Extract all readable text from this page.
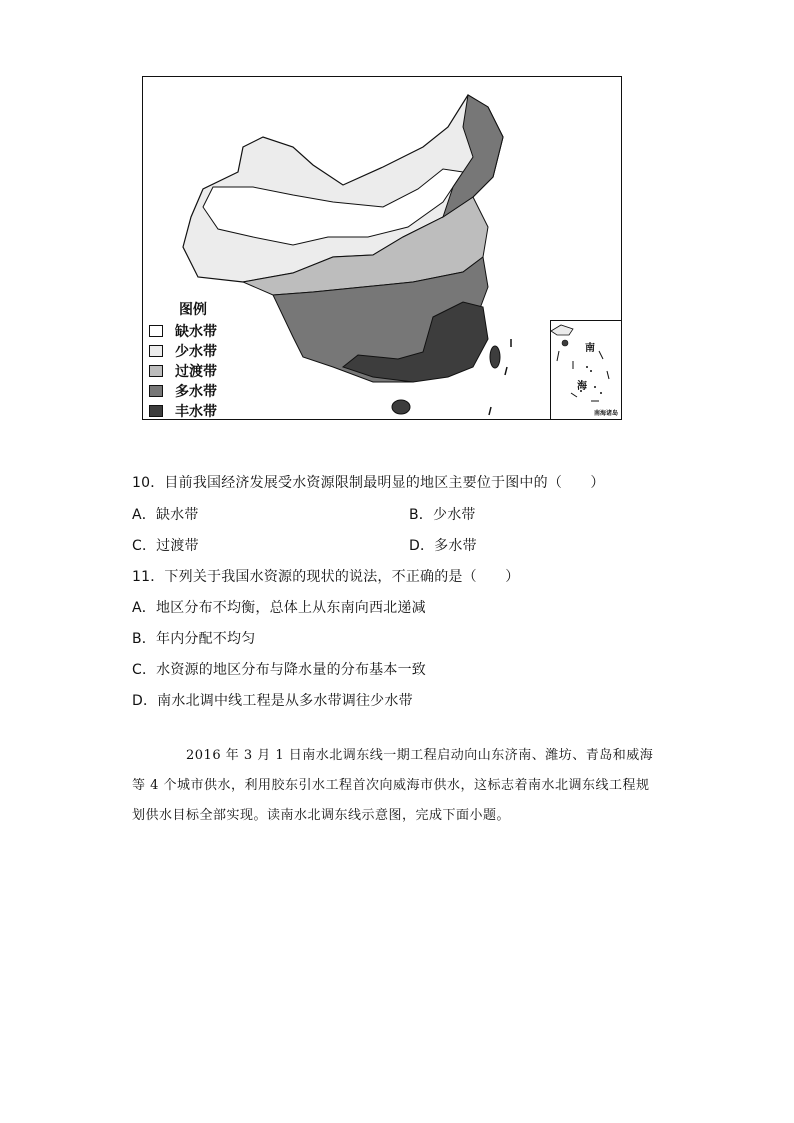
图例
缺水带
少水带
过渡带
多水带
丰水带
南
海
南海诸岛
10．目前我国经济发展受水资源限制最明显的地区主要位于图中的（　　）
A．缺水带	B．少水带
C．过渡带	D．多水带
11．下列关于我国水资源的现状的说法，不正确的是（　　）
A．地区分布不均衡，总体上从东南向西北递减
B．年内分配不均匀
C．水资源的地区分布与降水量的分布基本一致
D．南水北调中线工程是从多水带调往少水带
2016 年 3 月 1 日南水北调东线一期工程启动向山东济南、潍坊、青岛和威海
等 4 个城市供水，利用胶东引水工程首次向威海市供水，这标志着南水北调东线工程规
划供水目标全部实现。读南水北调东线示意图，完成下面小题。
